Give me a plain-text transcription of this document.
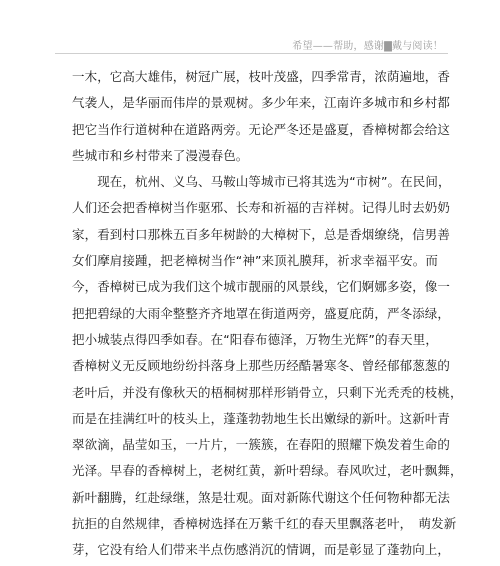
希望——帮助，感谢▇戴与阅读！
一木，它高大雄伟，树冠广展，枝叶茂盛，四季常青，浓荫遍地，香
气袭人，是华丽而伟岸的景观树。多少年来，江南许多城市和乡村都
把它当作行道树种在道路两旁。无论严冬还是盛夏，香樟树都会给这
些城市和乡村带来了漫漫春色。
　　现在，杭州、义乌、马鞍山等城市已将其选为“市树”。在民间，
人们还会把香樟树当作驱邪、长寿和祈福的吉祥树。记得儿时去奶奶
家，看到村口那株五百多年树龄的大樟树下，总是香烟缭绕，信男善
女们摩肩接踵，把老樟树当作“神”来顶礼膜拜，祈求幸福平安。而
今，香樟树已成为我们这个城市靓丽的风景线，它们婀娜多姿，像一
把把碧绿的大雨伞整整齐齐地罩在街道两旁，盛夏庇荫，严冬添绿，
把小城装点得四季如春。在“阳春布德泽，万物生光辉”的春天里，
香樟树义无反顾地纷纷抖落身上那些历经酷暑寒冬、曾经郁郁葱葱的
老叶后，并没有像秋天的梧桐树那样形销骨立，只剩下光秃秃的枝桃，
而是在挂满红叶的枝头上，蓬蓬勃勃地生长出嫩绿的新叶。这新叶青
翠欲滴，晶莹如玉，一片片，一簇簇，在春阳的照耀下焕发着生命的
光泽。早春的香樟树上，老树红黄，新叶碧绿。春风吹过，老叶飘舞，
新叶翻腾，红赴绿继，煞是壮观。面对新陈代谢这个任何物种都无法
抗拒的自然规律，香樟树选择在万紫千红的春天里飘落老叶，　萌发新
芽，它没有给人们带来半点伤感消沉的情调，而是彰显了蓬勃向上，
